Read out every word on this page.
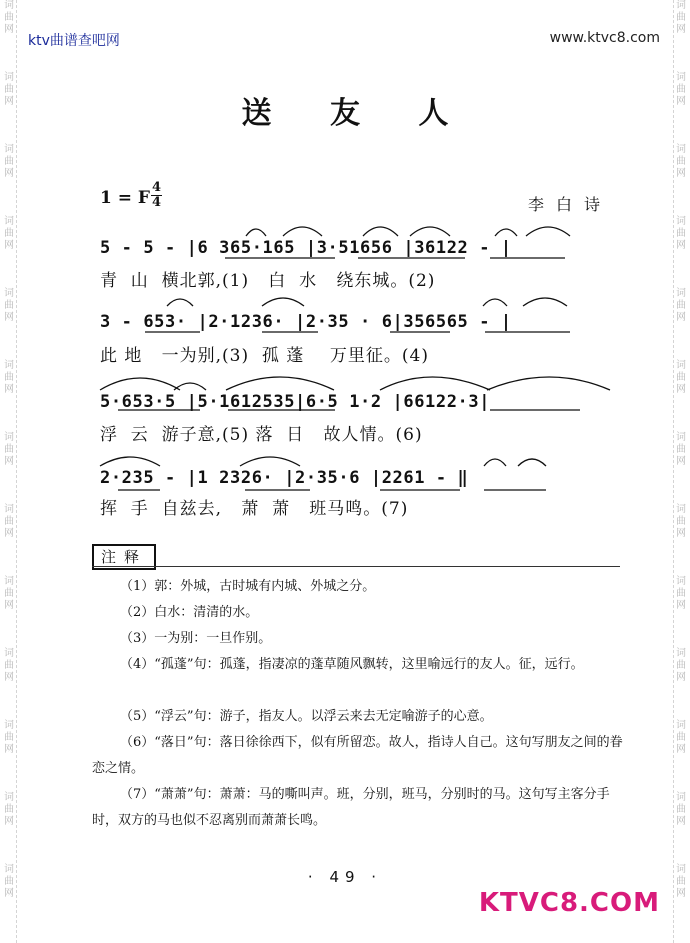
词
曲
网

词
曲
网

词
曲
网

词
曲
网

词
曲
网

词
曲
网

词
曲
网

词
曲
网

词
曲
网

词
曲
网

词
曲
网

词
曲
网

词
曲
网
词
曲
网

词
曲
网

词
曲
网

词
曲
网

词
曲
网

词
曲
网

词
曲
网

词
曲
网

词
曲
网

词
曲
网

词
曲
网

词
曲
网

词
曲
网
ktv曲谱查吧网	www.ktvc8.com
送 友 人
1 = F
4
4	李白诗
5 - 5 - |6 365·165 |3·51656 |36122 - |
青  山  横北郭,(1)   白  水   绕东城。(2)
3 - 653· |2·1236· |2·35 · 6|356565 - |
此 地   一为别,(3)  孤 蓬    万里征。(4)
5·653·5 |5·1612535|6·5 1·2 |66122·3|
浮  云  游子意,(5) 落  日   故人情。(6)
2·235 - |1 2326· |2·35·6 |2261 - ‖
挥  手  自兹去,   萧  萧   班马鸣。(7)
注释
（1）郭：外城，古时城有内城、外城之分。
（2）白水：清清的水。
（3）一为别：一旦作别。
（4）“孤蓬”句：孤蓬，指凄凉的蓬草随风飘转，这里喻远行的友人。征，远行。
（5）“浮云”句：游子，指友人。以浮云来去无定喻游子的心意。
（6）“落日”句：落日徐徐西下，似有所留恋。故人，指诗人自己。这句写朋友之间的眷恋之情。
（7）“萧萧”句：萧萧：马的嘶叫声。班，分别，班马，分别时的马。这句写主客分手时，双方的马也似不忍离别而萧萧长鸣。
· 49 ·
KTVC8.COM
